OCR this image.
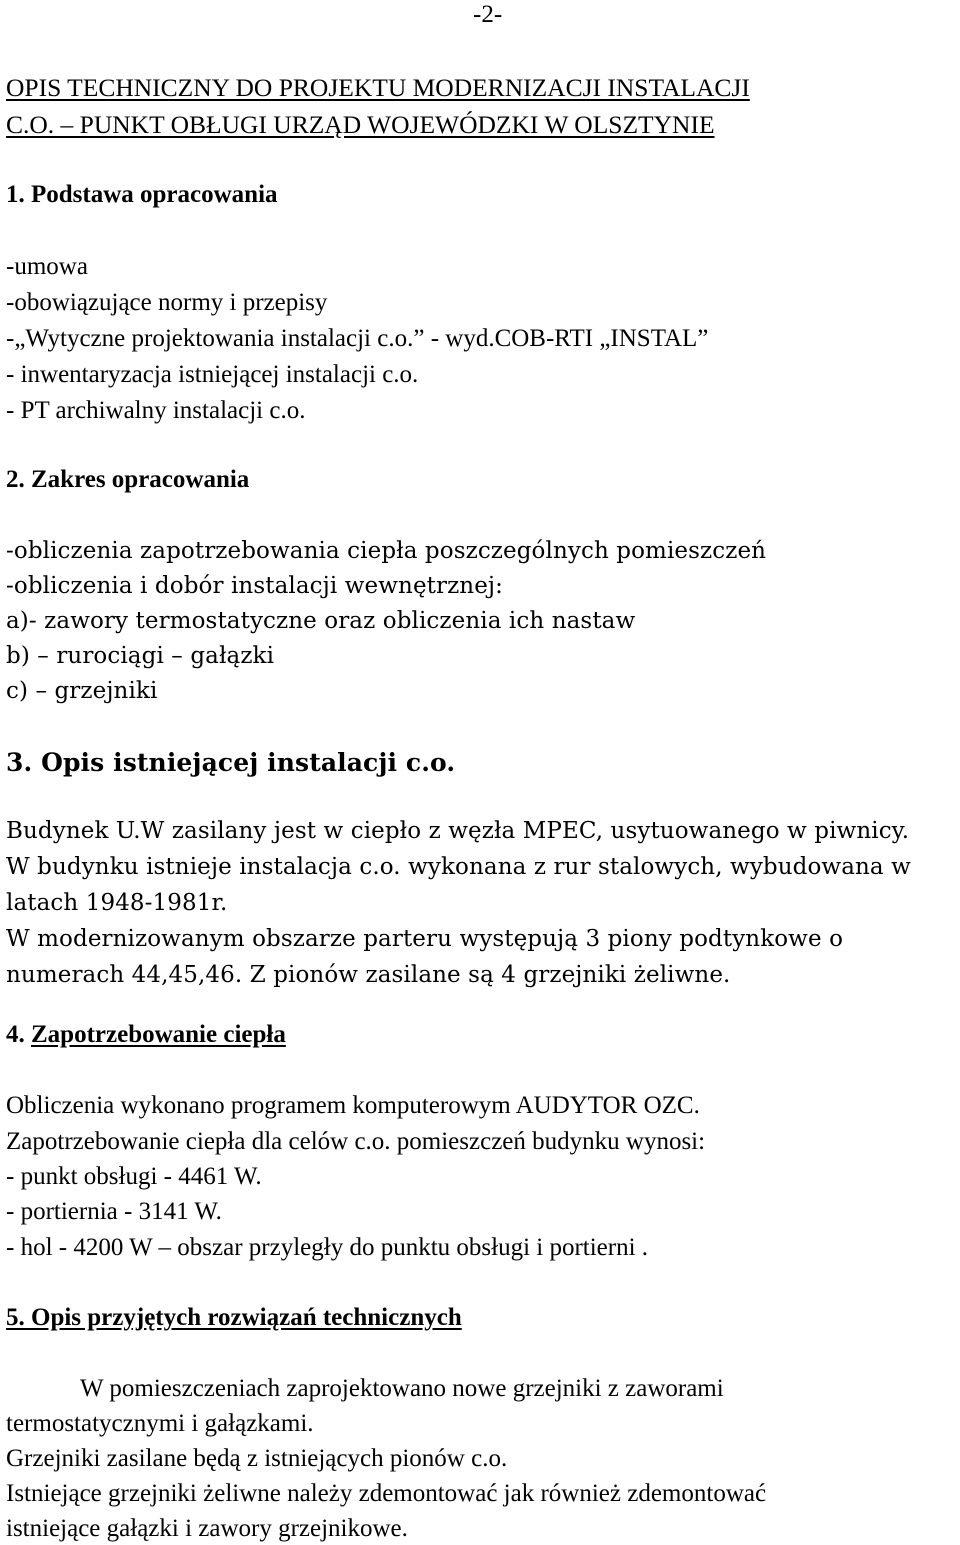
-2-
OPIS TECHNICZNY DO PROJEKTU MODERNIZACJI INSTALACJI
C.O. – PUNKT OBŁUGI URZĄD WOJEWÓDZKI W OLSZTYNIE
1. Podstawa opracowania
-umowa
-obowiązujące normy i przepisy
-„Wytyczne projektowania instalacji c.o.” - wyd.COB-RTI „INSTAL”
- inwentaryzacja istniejącej instalacji c.o.
- PT archiwalny instalacji c.o.
2. Zakres opracowania
-obliczenia zapotrzebowania ciepła poszczególnych pomieszczeń
-obliczenia i dobór instalacji wewnętrznej:
a)- zawory termostatyczne oraz obliczenia ich nastaw
b) – rurociągi – gałązki
c) – grzejniki
3. Opis istniejącej instalacji c.o.
Budynek U.W zasilany jest w ciepło z węzła MPEC, usytuowanego w piwnicy.
W budynku istnieje instalacja c.o. wykonana z rur stalowych, wybudowana w
latach 1948-1981r.
W modernizowanym obszarze parteru występują 3 piony podtynkowe o
numerach 44,45,46. Z pionów zasilane są 4 grzejniki żeliwne.
4. Zapotrzebowanie ciepła
Obliczenia wykonano programem komputerowym AUDYTOR OZC.
Zapotrzebowanie ciepła dla celów c.o. pomieszczeń budynku wynosi:
- punkt obsługi - 4461 W.
- portiernia - 3141 W.
- hol - 4200 W – obszar przyległy do punktu obsługi i portierni .
5. Opis przyjętych rozwiązań technicznych
W pomieszczeniach zaprojektowano nowe grzejniki z zaworami
termostatycznymi i gałązkami.
Grzejniki zasilane będą z istniejących pionów c.o.
Istniejące grzejniki żeliwne należy zdemontować jak również zdemontować
istniejące gałązki i zawory grzejnikowe.
